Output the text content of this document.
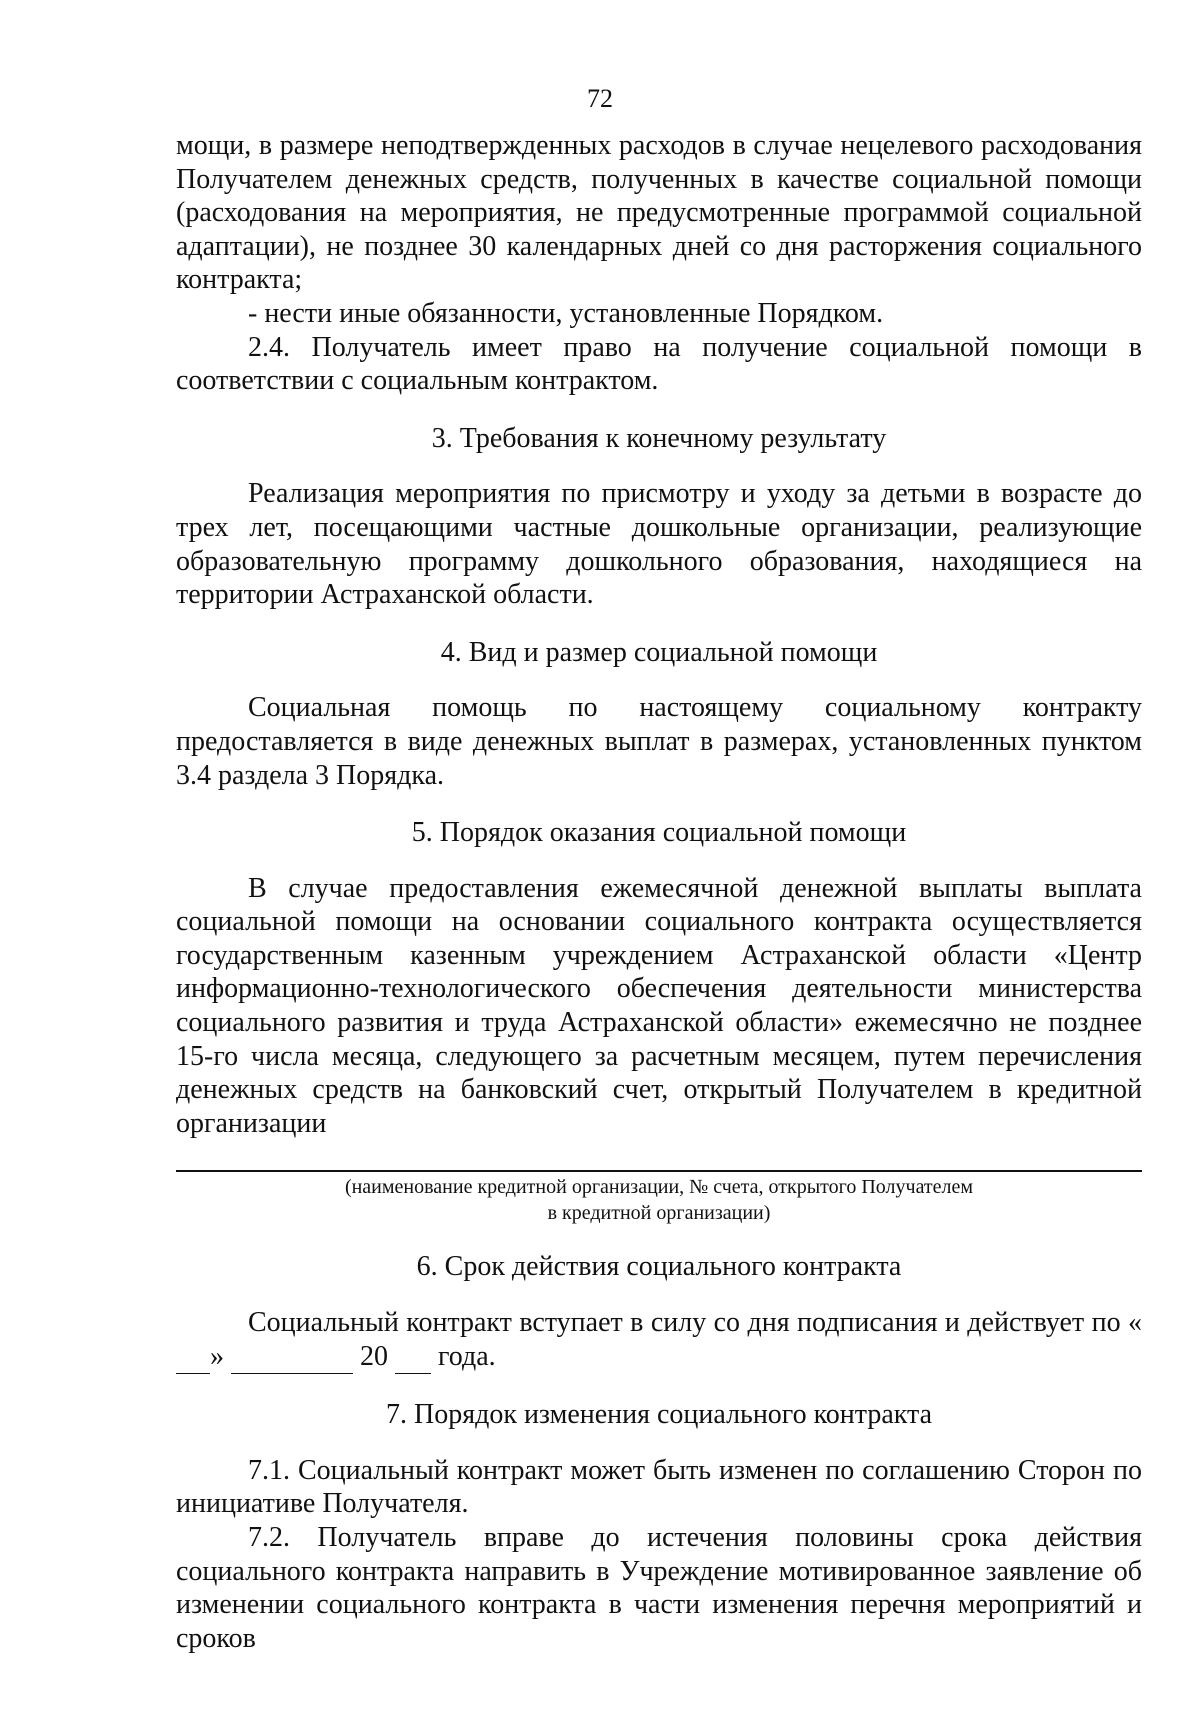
72

мощи, в размере неподтвержденных расходов в случае нецелевого расходования Получателем денежных средств, полученных в качестве социальной помощи (расходования на мероприятия, не предусмотренные программой социальной адаптации), не позднее 30 календарных дней со дня расторжения социального контракта;

- нести иные обязанности, установленные Порядком.

2.4. Получатель имеет право на получение социальной помощи в соответствии с социальным контрактом.

3. Требования к конечному результату

Реализация мероприятия по присмотру и уходу за детьми в возрасте до трех лет, посещающими частные дошкольные организации, реализующие образовательную программу дошкольного образования, находящиеся на территории Астраханской области.

4. Вид и размер социальной помощи

Социальная помощь по настоящему социальному контракту предоставляется в виде денежных выплат в размерах, установленных пунктом 3.4 раздела 3 Порядка.

5. Порядок оказания социальной помощи

В случае предоставления ежемесячной денежной выплаты выплата социальной помощи на основании социального контракта осуществляется государственным казенным учреждением Астраханской области «Центр информационно-технологического обеспечения деятельности министерства социального развития и труда Астраханской области» ежемесячно не позднее 15-го числа месяца, следующего за расчетным месяцем, путем перечисления денежных средств на банковский счет, открытый Получателем в кредитной организации

(наименование кредитной организации, № счета, открытого Получателем

в кредитной организации)

6. Срок действия социального контракта

Социальный контракт вступает в силу со дня подписания и действует по « »	20 года.

7. Порядок изменения социального контракта

7.1. Социальный контракт может быть изменен по соглашению Сторон по инициативе Получателя.

7.2. Получатель вправе до истечения половины срока действия социального контракта направить в Учреждение мотивированное заявление об изменении социального контракта в части изменения перечня мероприятий и сроков
